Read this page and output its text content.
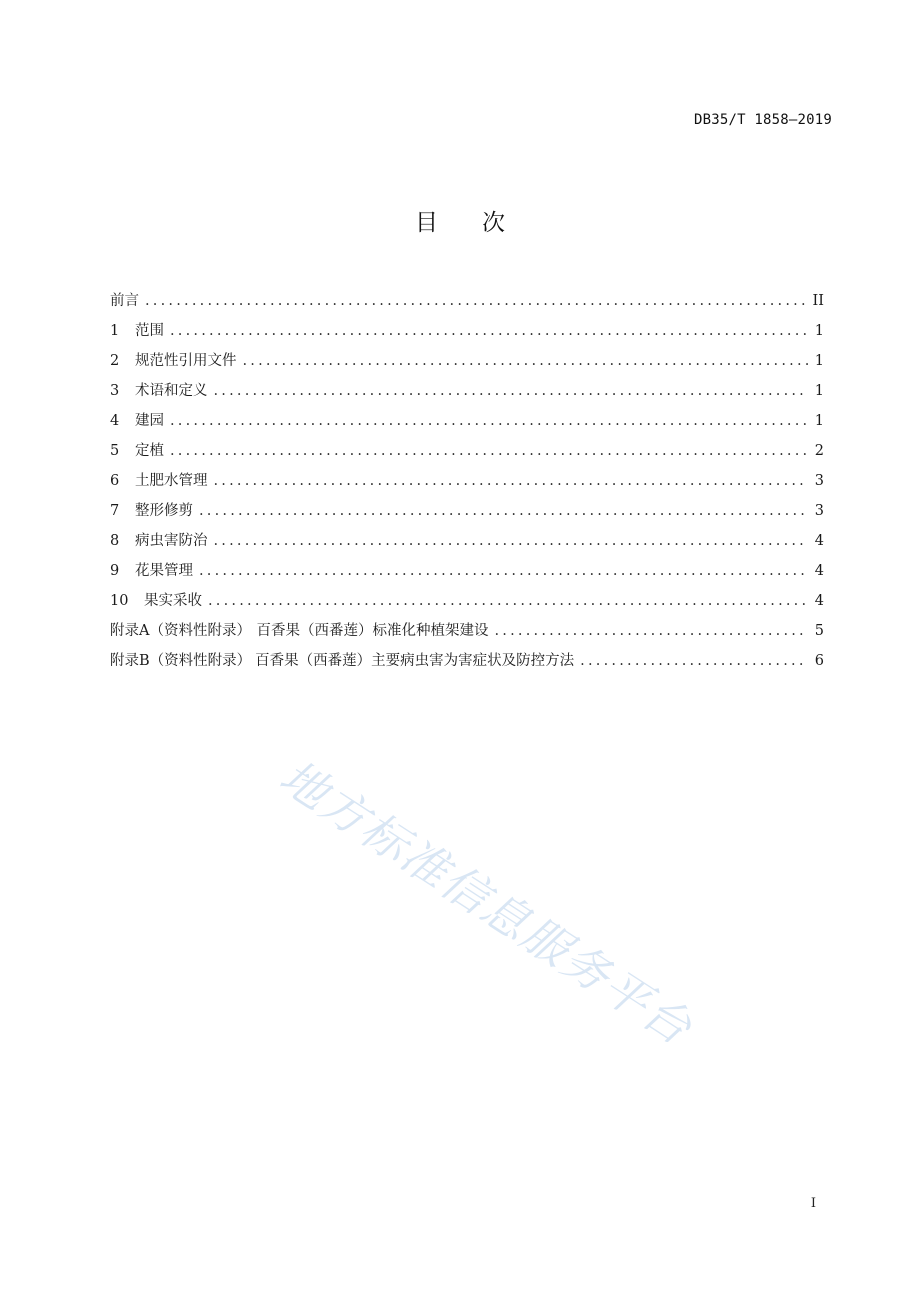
DB35/T 1858—2019
目 次
前言 .....	II
1	范围 .....	1
2	规范性引用文件 .....	1
3	术语和定义 .....	1
4	建园 .....	1
5	定植 .....	2
6	土肥水管理 .....	3
7	整形修剪 .....	3
8	病虫害防治 .....	4
9	花果管理 .....	4
10	果实采收 .....	4
附录A（资料性附录） 百香果（西番莲）标准化种植架建设 .....	5
附录B（资料性附录） 百香果（西番莲）主要病虫害为害症状及防控方法 .....	6
地方标准信息服务平台
I
